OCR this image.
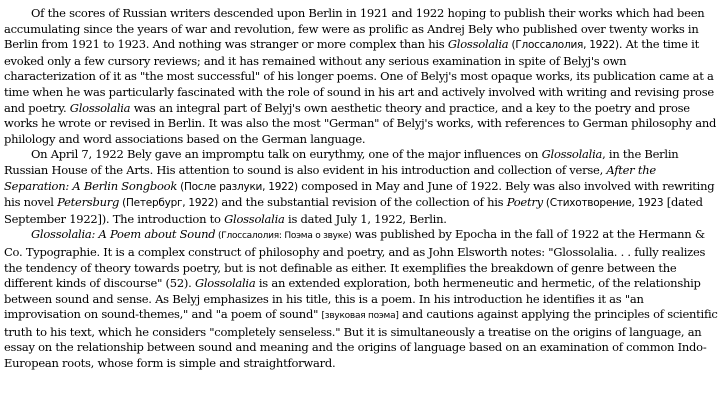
Of the scores of Russian writers descended upon Berlin in 1921 and 1922 hoping to publish their works which had been accumulating since the years of war and revolution, few were as prolific as Andrej Bely who published over twenty works in Berlin from 1921 to 1923. And nothing was stranger or more complex than his Glossolalia (Глоссалолия, 1922). At the time it evoked only a few cursory reviews; and it has remained without any serious examination in spite of Belyj's own characterization of it as "the most successful" of his longer poems. One of Belyj's most opaque works, its publication came at a time when he was particularly fascinated with the role of sound in his art and actively involved with writing and revising prose and poetry. Glossolalia was an integral part of Belyj's own aesthetic theory and practice, and a key to the poetry and prose works he wrote or revised in Berlin. It was also the most "German" of Belyj's works, with references to German philosophy and philology and word associations based on the German language.

On April 7, 1922 Bely gave an impromptu talk on eurythmy, one of the major influences on Glossolalia, in the Berlin Russian House of the Arts. His attention to sound is also evident in his introduction and collection of verse, After the Separation: A Berlin Songbook (После разлуки, 1922) composed in May and June of 1922. Bely was also involved with rewriting his novel Petersburg (Петербург, 1922) and the substantial revision of the collection of his Poetry (Стихотворение, 1923 [dated September 1922]). The introduction to Glossolalia is dated July 1, 1922, Berlin.

Glossolalia: A Poem about Sound (Глоссалолия: Поэма о звуке) was published by Epocha in the fall of 1922 at the Hermann & Co. Typographie. It is a complex construct of philosophy and poetry, and as John Elsworth notes: "Glossolalia. . . fully realizes the tendency of theory towards poetry, but is not definable as either. It exemplifies the breakdown of genre between the different kinds of discourse" (52). Glossolalia is an extended exploration, both hermeneutic and hermetic, of the relationship between sound and sense. As Belyj emphasizes in his title, this is a poem. In his introduction he identifies it as "an improvisation on sound-themes," and "a poem of sound" [звуковая поэма] and cautions against applying the principles of scientific truth to his text, which he considers "completely senseless." But it is simultaneously a treatise on the origins of language, an essay on the relationship between sound and meaning and the origins of language based on an examination of common Indo-European roots, whose form is simple and straightforward.
